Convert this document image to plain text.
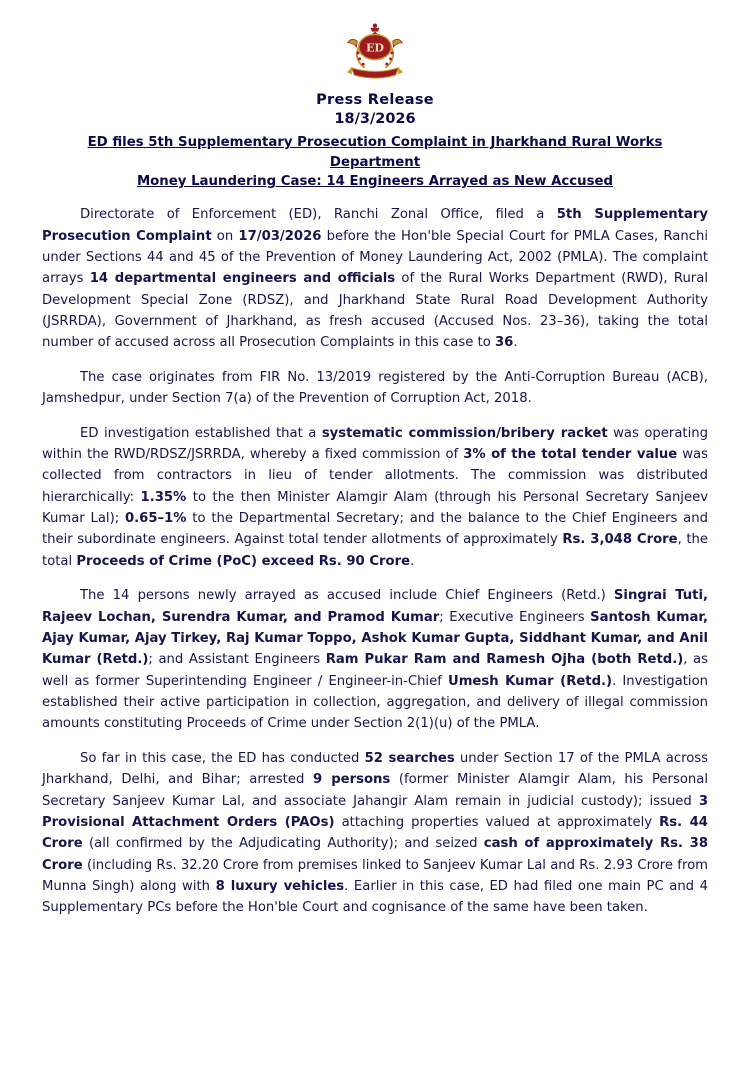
ED
Press Release
18/3/2026
ED files 5th Supplementary Prosecution Complaint in Jharkhand Rural Works Department
Money Laundering Case: 14 Engineers Arrayed as New Accused

Directorate of Enforcement (ED), Ranchi Zonal Office, filed a 5th Supplementary Prosecution Complaint on 17/03/2026 before the Hon'ble Special Court for PMLA Cases, Ranchi under Sections 44 and 45 of the Prevention of Money Laundering Act, 2002 (PMLA). The complaint arrays 14 departmental engineers and officials of the Rural Works Department (RWD), Rural Development Special Zone (RDSZ), and Jharkhand State Rural Road Development Authority (JSRRDA), Government of Jharkhand, as fresh accused (Accused Nos. 23–36), taking the total number of accused across all Prosecution Complaints in this case to 36.

The case originates from FIR No. 13/2019 registered by the Anti-Corruption Bureau (ACB), Jamshedpur, under Section 7(a) of the Prevention of Corruption Act, 2018.

ED investigation established that a systematic commission/bribery racket was operating within the RWD/RDSZ/JSRRDA, whereby a fixed commission of 3% of the total tender value was collected from contractors in lieu of tender allotments. The commission was distributed hierarchically: 1.35% to the then Minister Alamgir Alam (through his Personal Secretary Sanjeev Kumar Lal); 0.65–1% to the Departmental Secretary; and the balance to the Chief Engineers and their subordinate engineers. Against total tender allotments of approximately Rs. 3,048 Crore, the total Proceeds of Crime (PoC) exceed Rs. 90 Crore.

The 14 persons newly arrayed as accused include Chief Engineers (Retd.) Singrai Tuti, Rajeev Lochan, Surendra Kumar, and Pramod Kumar; Executive Engineers Santosh Kumar, Ajay Kumar, Ajay Tirkey, Raj Kumar Toppo, Ashok Kumar Gupta, Siddhant Kumar, and Anil Kumar (Retd.); and Assistant Engineers Ram Pukar Ram and Ramesh Ojha (both Retd.), as well as former Superintending Engineer / Engineer-in-Chief Umesh Kumar (Retd.). Investigation established their active participation in collection, aggregation, and delivery of illegal commission amounts constituting Proceeds of Crime under Section 2(1)(u) of the PMLA.

So far in this case, the ED has conducted 52 searches under Section 17 of the PMLA across Jharkhand, Delhi, and Bihar; arrested 9 persons (former Minister Alamgir Alam, his Personal Secretary Sanjeev Kumar Lal, and associate Jahangir Alam remain in judicial custody); issued 3 Provisional Attachment Orders (PAOs) attaching properties valued at approximately Rs. 44 Crore (all confirmed by the Adjudicating Authority); and seized cash of approximately Rs. 38 Crore (including Rs. 32.20 Crore from premises linked to Sanjeev Kumar Lal and Rs. 2.93 Crore from Munna Singh) along with 8 luxury vehicles. Earlier in this case, ED had filed one main PC and 4 Supplementary PCs before the Hon'ble Court and cognisance of the same have been taken.
